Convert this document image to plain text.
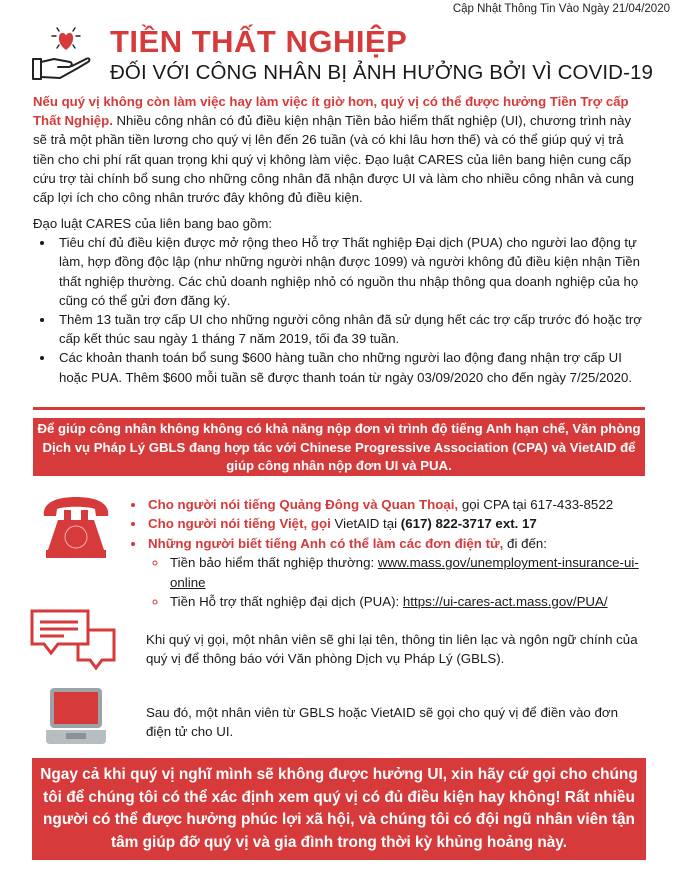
Cập Nhật Thông Tin Vào Ngày 21/04/2020
TIỀN THẤT NGHIỆP
ĐỐI VỚI CÔNG NHÂN BỊ ẢNH HƯỞNG BỞI VÌ COVID-19
Nếu quý vị không còn làm việc hay làm việc ít giờ hơn, quý vị có thể được hưởng Tiền Trợ cấp Thất Nghiệp. Nhiều công nhân có đủ điều kiện nhận Tiền bảo hiểm thất nghiệp (UI), chương trình này sẽ trả một phần tiền lương cho quý vị lên đến 26 tuần (và có khi lâu hơn thế) và có thể giúp quý vị trả tiền cho chi phí rất quan trọng khi quý vị không làm việc. Đạo luật CARES của liên bang hiện cung cấp cứu trợ tài chính bổ sung cho những công nhân đã nhận được UI và làm cho nhiều công nhân và cung cấp lợi ích cho công nhân trước đây không đủ điều kiện.
Đạo luật CARES của liên bang bao gồm:
• Tiêu chí đủ điều kiện được mở rộng theo Hỗ trợ Thất nghiệp Đại dịch (PUA) cho người lao động tự làm, hợp đồng độc lập (như những người nhận được 1099) và người không đủ điều kiện nhận Tiền thất nghiệp thường. Các chủ doanh nghiệp nhỏ có nguồn thu nhập thông qua doanh nghiệp của họ cũng có thể gửi đơn đăng ký.
• Thêm 13 tuần trợ cấp UI cho những người công nhân đã sử dụng hết các trợ cấp trước đó hoặc trợ cấp kết thúc sau ngày 1 tháng 7 năm 2019, tối đa 39 tuần.
• Các khoản thanh toán bổ sung $600 hàng tuần cho những người lao động đang nhận trợ cấp UI hoặc PUA. Thêm $600 mỗi tuần sẽ được thanh toán từ ngày 03/09/2020 cho đến ngày 7/25/2020.
Để giúp công nhân không không có khả năng nộp đơn vì trình độ tiếng Anh hạn chế, Văn phòng Dịch vụ Pháp Lý GBLS đang hợp tác với Chinese Progressive Association (CPA) và VietAID để giúp công nhân nộp đơn UI và PUA.
• Cho người nói tiếng Quảng Đông và Quan Thoại, gọi CPA tại 617-433-8522
• Cho người nói tiếng Việt, gọi VietAID tại (617) 822-3717 ext. 17
• Những người biết tiếng Anh có thể làm các đơn điện tử, đi đến:
◦ Tiền bảo hiểm thất nghiệp thường: www.mass.gov/unemployment-insurance-ui-online
◦ Tiền Hỗ trợ thất nghiệp đại dịch (PUA): https://ui-cares-act.mass.gov/PUA/
Khi quý vị gọi, một nhân viên sẽ ghi lại tên, thông tin liên lạc và ngôn ngữ chính của quý vị để thông báo với Văn phòng Dịch vụ Pháp Lý (GBLS).
Sau đó, một nhân viên từ GBLS hoặc VietAID sẽ gọi cho quý vị để điền vào đơn điện tử cho UI.
Ngay cả khi quý vị nghĩ mình sẽ không được hưởng UI, xin hãy cứ gọi cho chúng tôi để chúng tôi có thể xác định xem quý vị có đủ điều kiện hay không! Rất nhiều người có thể được hưởng phúc lợi xã hội, và chúng tôi có đội ngũ nhân viên tận tâm giúp đỡ quý vị và gia đình trong thời kỳ khủng hoảng này.
